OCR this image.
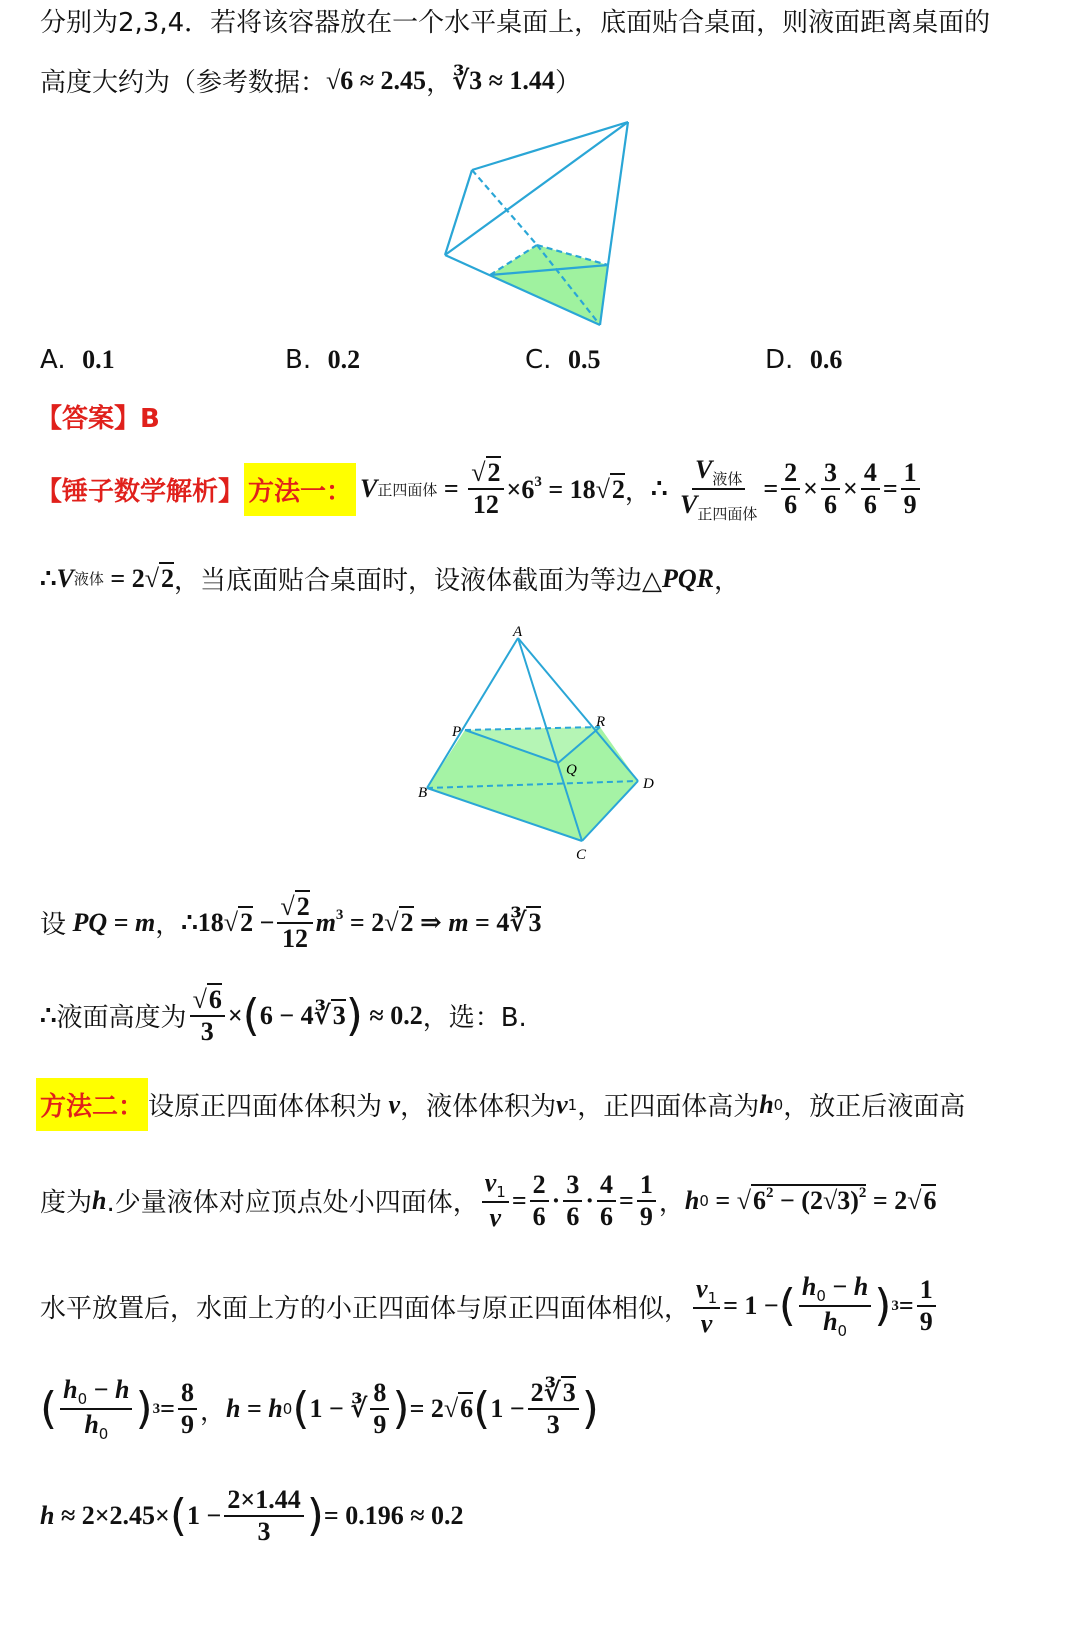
分别为2,3,4．若将该容器放在一个水平桌面上，底面贴合桌面，则液面距离桌面的
高度大约为（参考数据： √6 ≈ 2.45 ， ∛3 ≈ 1.44 ）
A. 0.1	B. 0.2	C. 0.5	D. 0.6
【答案】B
【锤子数学解析】 方法一： V 正四面体 = $\frac{√2}{12} \times 6^3 = 18√2$ ， ∴ $\frac{V_{液体}}{V_{正四面体}} = \frac{2}{6} \times \frac{3}{6} \times \frac{4}{6} = \frac{1}{9}$
∴V 液体 = 2√2 ， 当底面贴合桌面时，设液体截面为等边△ PQR ，
A
P
R
Q
B
D
C
设 PQ = m ， ∴18√2 − $\frac{√2}{12} m^3 = 2√2$ ⇒ m = 4∛3
∴ 液面高度为 $\frac{√6}{3}$ × ( 6 − 4∛3 ) ≈ 0.2 ，选：B.
方法二： 设原正四面体体积为 v ，液体体积为 v 1 ，正四面体高为 h 0 ，放正后液面高
度为 h .少量液体对应顶点处小四面体， $\frac{v_1}{v} = \frac{2}{6} \cdot \frac{3}{6} \cdot \frac{4}{6} = \frac{1}{9}$ ， h $0 = √6^2 - (2√3)^2 = 2√6$
水平放置后，水面上方的小正四面体与原正四面体相似， $\frac{v_1}{v} = 1$ − ( $\frac{h_0 - h}{h_0}$ ) $3 = \frac{1}{9}$
( $\frac{h_0 - h}{h_0}$ ) $3 = \frac{8}{9}$ ， h = h 0 ( 1 − ∛ $\frac{8}{9}$ ) = 2√6 ( $1 - \frac{2∛3}{3}$ )
h ≈ 2×2.45× ( $1 - \frac{2\times 1.44}{3}$ ) = 0.196 ≈ 0.2
